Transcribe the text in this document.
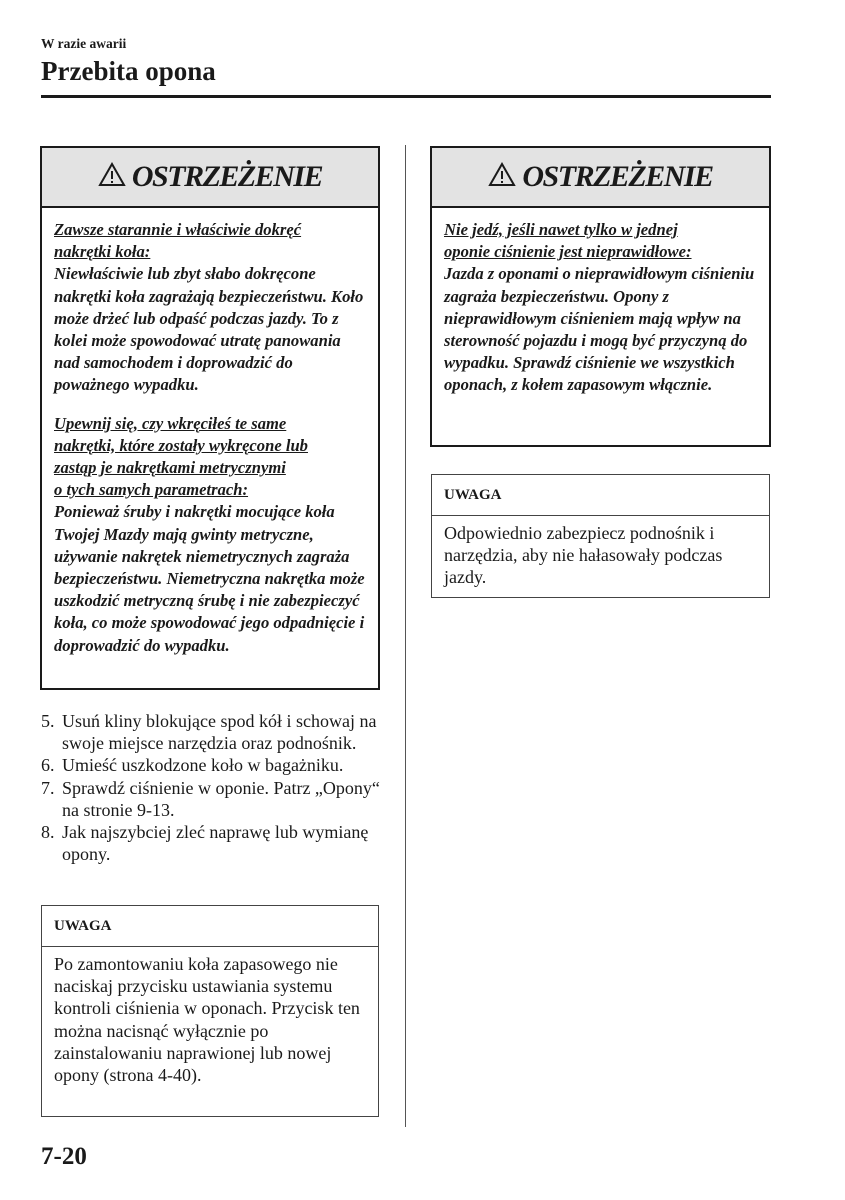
W razie awarii
Przebita opona
OSTRZEŻENIE

Zawsze starannie i właściwie dokręć
nakrętki koła:
Niewłaściwie lub zbyt słabo dokręcone nakrętki koła zagrażają bezpieczeństwu. Koło może drżeć lub odpaść podczas jazdy. To z kolei może spowodować utratę panowania nad samochodem i doprowadzić do poważnego wypadku.

Upewnij się, czy wkręciłeś te same
nakrętki, które zostały wykręcone lub
zastąp je nakrętkami metrycznymi
o tych samych parametrach:
Ponieważ śruby i nakrętki mocujące koła Twojej Mazdy mają gwinty metryczne, używanie nakrętek niemetrycznych zagraża bezpieczeństwu. Niemetryczna nakrętka może uszkodzić metryczną śrubę i nie zabezpieczyć koła, co może spowodować jego odpadnięcie i doprowadzić do wypadku.

5. Usuń kliny blokujące spod kół i schowaj na swoje miejsce narzędzia oraz podnośnik.
6. Umieść uszkodzone koło w bagażniku.
7. Sprawdź ciśnienie w oponie. Patrz „Opony“ na stronie 9-13.
8. Jak najszybciej zleć naprawę lub wymianę opony.
UWAGA
Po zamontowaniu koła zapasowego nie naciskaj przycisku ustawiania systemu kontroli ciśnienia w oponach. Przycisk ten można nacisnąć wyłącznie po zainstalowaniu naprawionej lub nowej opony (strona 4-40).
OSTRZEŻENIE

Nie jedź, jeśli nawet tylko w jednej
oponie ciśnienie jest nieprawidłowe:
Jazda z oponami o nieprawidłowym ciśnieniu zagraża bezpieczeństwu. Opony z nieprawidłowym ciśnieniem mają wpływ na sterowność pojazdu i mogą być przyczyną do wypadku. Sprawdź ciśnienie we wszystkich oponach, z kołem zapasowym włącznie.

UWAGA
Odpowiednio zabezpiecz podnośnik i narzędzia, aby nie hałasowały podczas jazdy.
7-20
